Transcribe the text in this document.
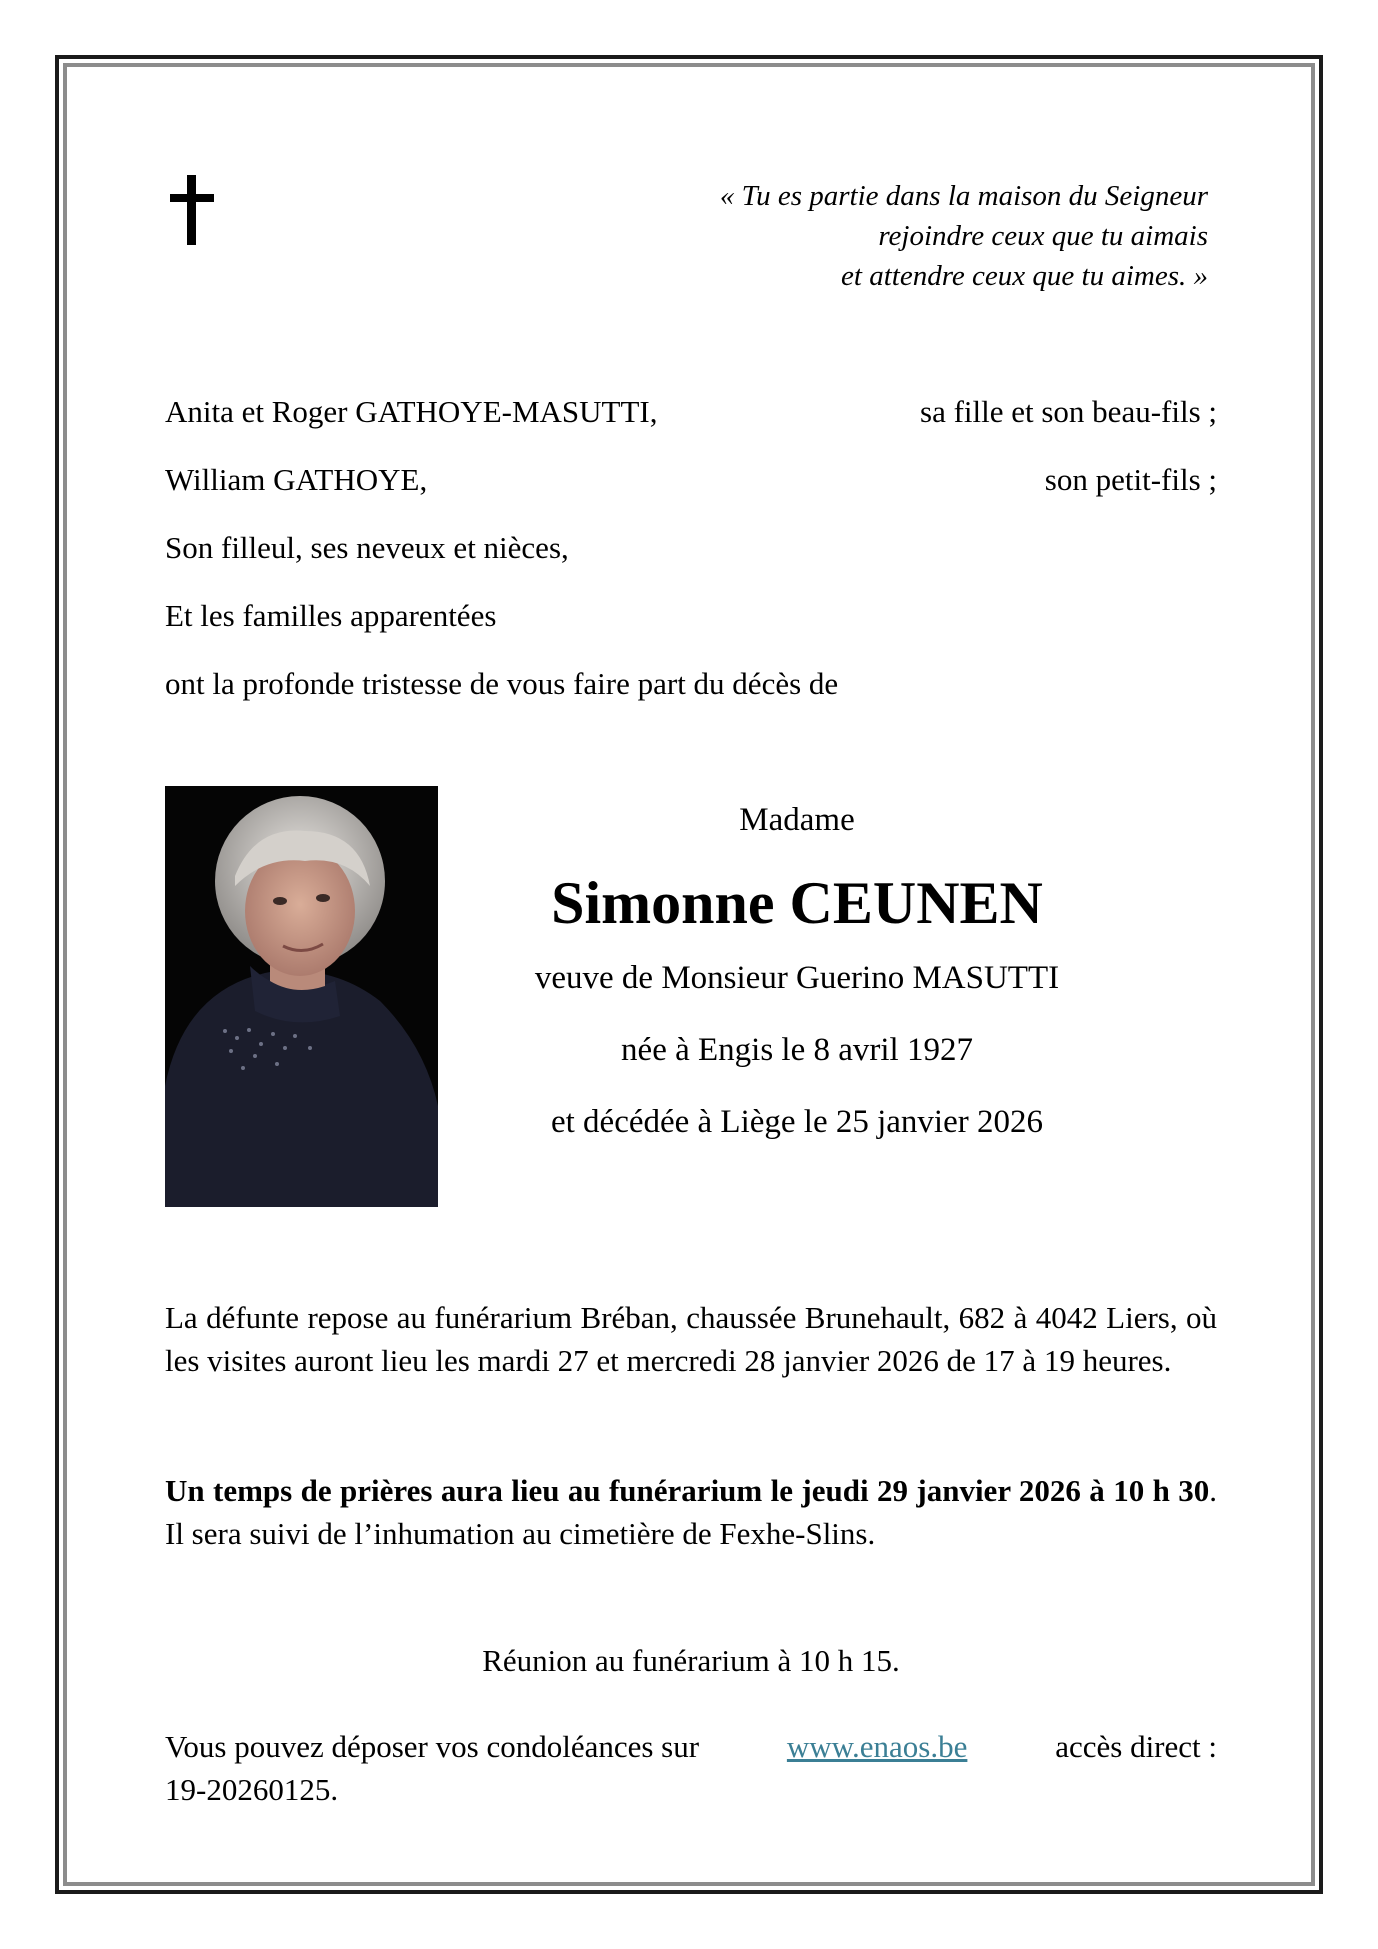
« Tu es partie dans la maison du Seigneur
rejoindre ceux que tu aimais
et attendre ceux que tu aimes. »
Anita et Roger GATHOYE-MASUTTI,	sa fille et son beau-fils ;
William GATHOYE,	son petit-fils ;
Son filleul, ses neveux et nièces,
Et les familles apparentées
ont la profonde tristesse de vous faire part du décès de
Madame
Simonne CEUNEN
veuve de Monsieur Guerino MASUTTI
née à Engis le 8 avril 1927
et décédée à Liège le 25 janvier 2026
La défunte repose au funérarium Bréban, chaussée Brunehault, 682 à 4042 Liers, où les visites auront lieu les mardi 27 et mercredi 28 janvier 2026 de 17 à 19 heures.
Un temps de prières aura lieu au funérarium le jeudi 29 janvier 2026 à 10 h 30. Il sera suivi de l’inhumation au cimetière de Fexhe-Slins.
Réunion au funérarium à 10 h 15.
Vous pouvez déposer vos condoléances sur	www.enaos.be	accès direct :
19-20260125.
